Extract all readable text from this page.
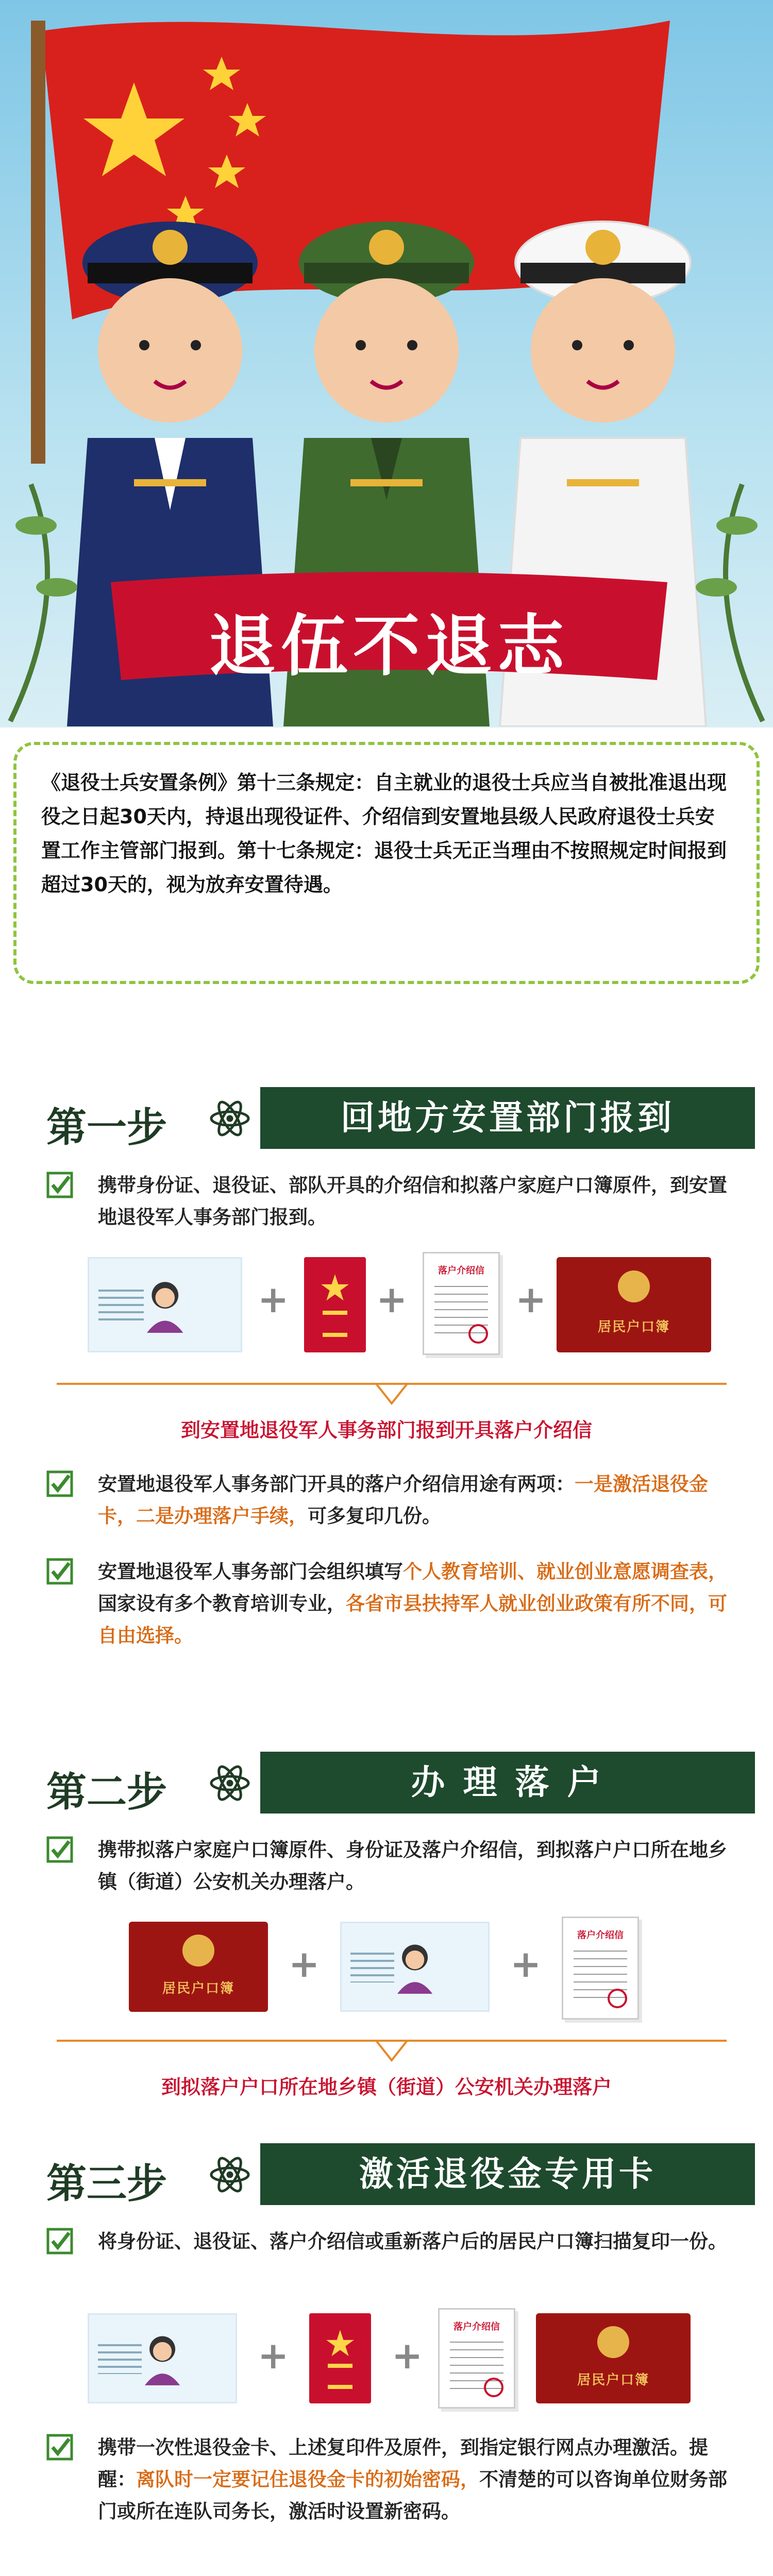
退伍不退志

《退役士兵安置条例》第十三条规定：自主就业的退役士兵应当自被批准退出现役之日起30天内，持退出现役证件、介绍信到安置地县级人民政府退役士兵安置工作主管部门报到。第十七条规定：退役士兵无正当理由不按照规定时间报到超过30天的，视为放弃安置待遇。

第一步	回地方安置部门报到
携带身份证、退役证、部队开具的介绍信和拟落户家庭户口簿原件，到安置地退役军人事务部门报到。
+ ★ +
落户介绍信
+
居民户口簿
到安置地退役军人事务部门报到开具落户介绍信
安置地退役军人事务部门开具的落户介绍信用途有两项：一是激活退役金卡，二是办理落户手续，可多复印几份。
安置地退役军人事务部门会组织填写个人教育培训、就业创业意愿调查表，国家设有多个教育培训专业，各省市县扶持军人就业创业政策有所不同，可自由选择。
第二步	办 理 落 户
携带拟落户家庭户口簿原件、身份证及落户介绍信，到拟落户户口所在地乡镇（街道）公安机关办理落户。
居民户口簿
+	+
落户介绍信
到拟落户户口所在地乡镇（街道）公安机关办理落户
第三步	激活退役金专用卡
将身份证、退役证、落户介绍信或重新落户后的居民户口簿扫描复印一份。
+ ★ +
落户介绍信
居民户口簿
携带一次性退役金卡、上述复印件及原件，到指定银行网点办理激活。提醒：离队时一定要记住退役金卡的初始密码，不清楚的可以咨询单位财务部门或所在连队司务长，激活时设置新密码。
